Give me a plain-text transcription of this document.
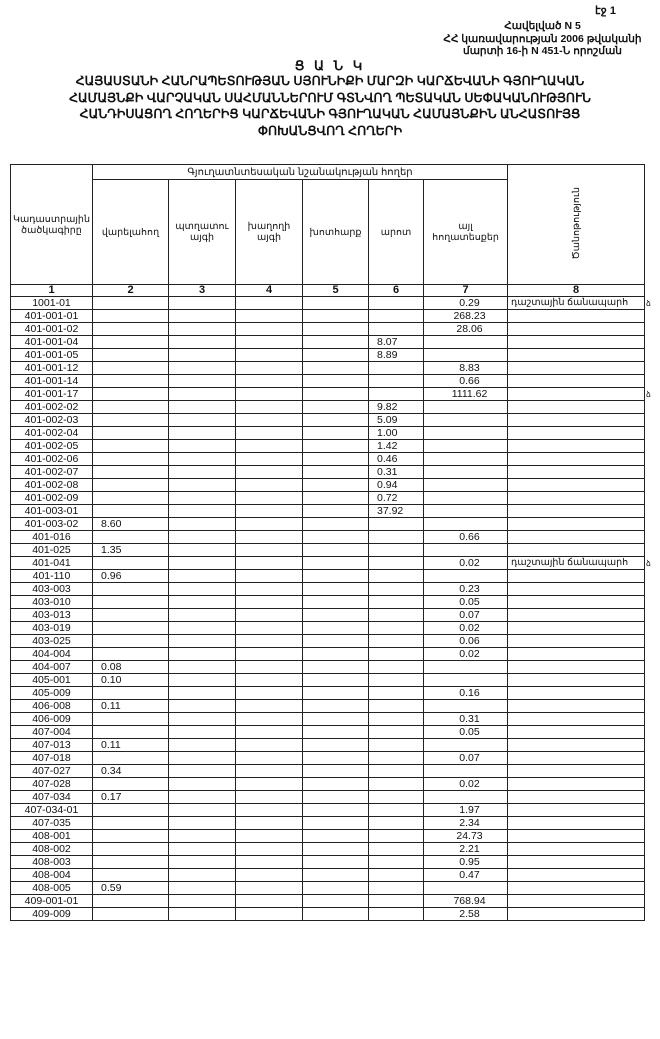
էջ 1
Հավելված N 5
ՀՀ կառավարության 2006 թվականի
մարտի 16-ի N 451-Ն որոշման
Ց Ա Ն Կ
ՀԱՅԱՍՏԱՆԻ ՀԱՆՐԱՊԵՏՈՒԹՅԱՆ ՍՅՈՒՆԻՔԻ ՄԱՐԶԻ ԿԱՐՃԵՎԱՆԻ ԳՅՈՒՂԱԿԱՆ
ՀԱՄԱՅՆՔԻ ՎԱՐՉԱԿԱՆ ՍԱՀՄԱՆՆԵՐՈՒՄ ԳՏՆՎՈՂ ՊԵՏԱԿԱՆ ՍԵՓԱԿԱՆՈՒԹՅՈՒՆ
ՀԱՆԴԻՍԱՑՈՂ ՀՈՂԵՐԻՑ ԿԱՐՃԵՎԱՆԻ ԳՅՈՒՂԱԿԱՆ ՀԱՄԱՅՆՔԻՆ ԱՆՀԱՏՈՒՅՑ
ՓՈԽԱՆՑՎՈՂ ՀՈՂԵՐԻ
Կադաստրային ծածկագիրը	Գյուղատնտեսական նշանակության հողեր						Ծանոթություն
	վարելահող	պտղատու այգի	խաղողի այգի	խոտհարք	արոտ	այլ հողատեսքեր	
1	2	3	4	5	6	7	8
1001-01						0.29	դաշտային ճանապարհ
401-001-01						268.23	
401-001-02						28.06	
401-001-04					8.07		
401-001-05					8.89		
401-001-12						8.83	
401-001-14						0.66	
401-001-17						1111.62	
401-002-02					9.82		
401-002-03					5.09		
401-002-04					1.00		
401-002-05					1.42		
401-002-06					0.46		
401-002-07					0.31		
401-002-08					0.94		
401-002-09					0.72		
401-003-01					37.92		
401-003-02	8.60						
401-016						0.66	
401-025	1.35						
401-041						0.02	դաշտային ճանապարհ
401-110	0.96						
403-003						0.23	
403-010						0.05	
403-013						0.07	
403-019						0.02	
403-025						0.06	
404-004						0.02	
404-007	0.08						
405-001	0.10						
405-009						0.16	
406-008	0.11						
406-009						0.31	
407-004						0.05	
407-013	0.11						
407-018						0.07	
407-027	0.34						
407-028						0.02	
407-034	0.17						
407-034-01						1.97	
407-035						2.34	
408-001						24.73	
408-002						2.21	
408-003						0.95	
408-004						0.47	
408-005	0.59						
409-001-01						768.94	
409-009						2.58	
ձ
ձ
ձ
